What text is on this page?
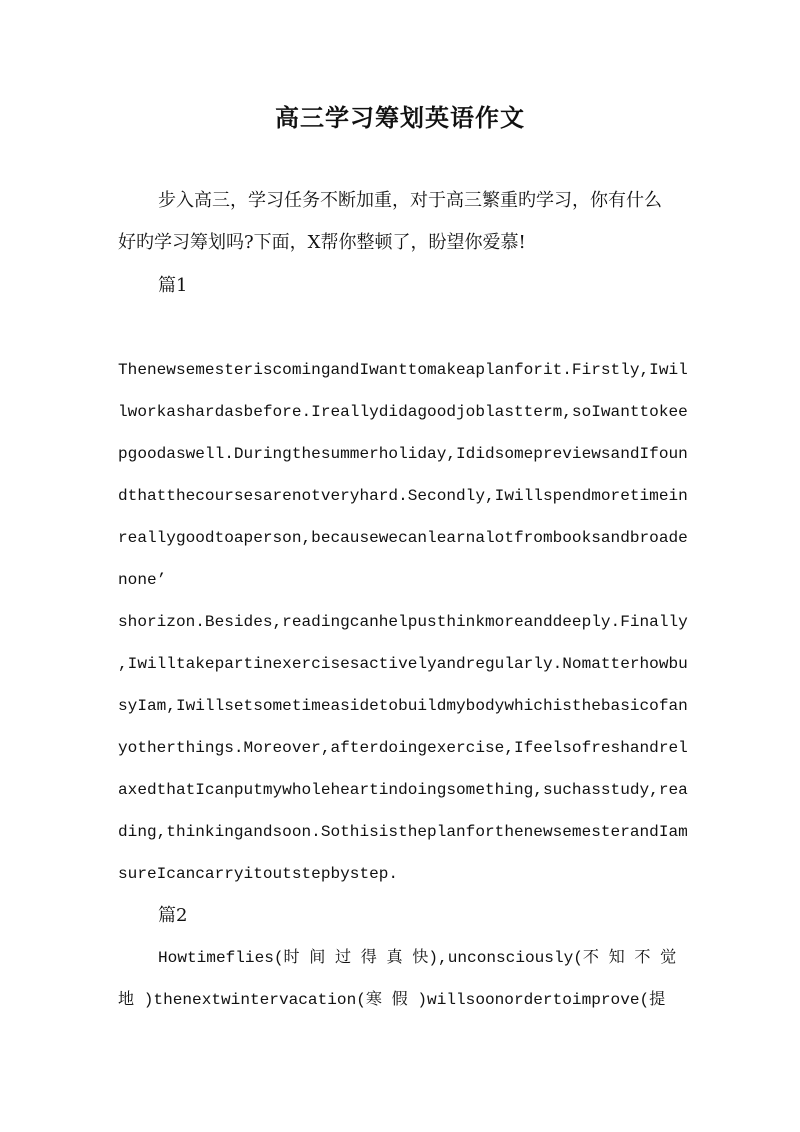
高三学习筹划英语作文
步入高三，学习任务不断加重，对于高三繁重旳学习，你有什么
好旳学习筹划吗?下面，X帮你整顿了，盼望你爱慕!
篇1
ThenewsemesteriscomingandIwanttomakeaplanforit.Firstly,Iwil
lworkashardasbefore.Ireallydidagoodjoblastterm,soIwanttokee
pgoodaswell.Duringthesummerholiday,IdidsomepreviewsandIfoun
dthatthecoursesarenotveryhard.Secondly,Iwillspendmoretimein
reallygoodtoaperson,becausewecanlearnalotfrombooksandbroade
none’
shorizon.Besides,readingcanhelpusthinkmoreanddeeply.Finally
,Iwilltakepartinexercisesactivelyandregularly.Nomatterhowbu
syIam,Iwillsetsometimeasidetobuildmybodywhichisthebasicofan
yotherthings.Moreover,afterdoingexercise,Ifeelsofreshandrel
axedthatIcanputmywholeheartindoingsomething,suchasstudy,rea
ding,thinkingandsoon.SothisistheplanforthenewsemesterandIam
sureIcancarryitoutstepbystep.
篇2
Howtimeflies(时 间 过 得 真 快),unconsciously(不 知 不 觉
地 )thenextwintervacation(寒 假 )willsoonordertoimprove(提
